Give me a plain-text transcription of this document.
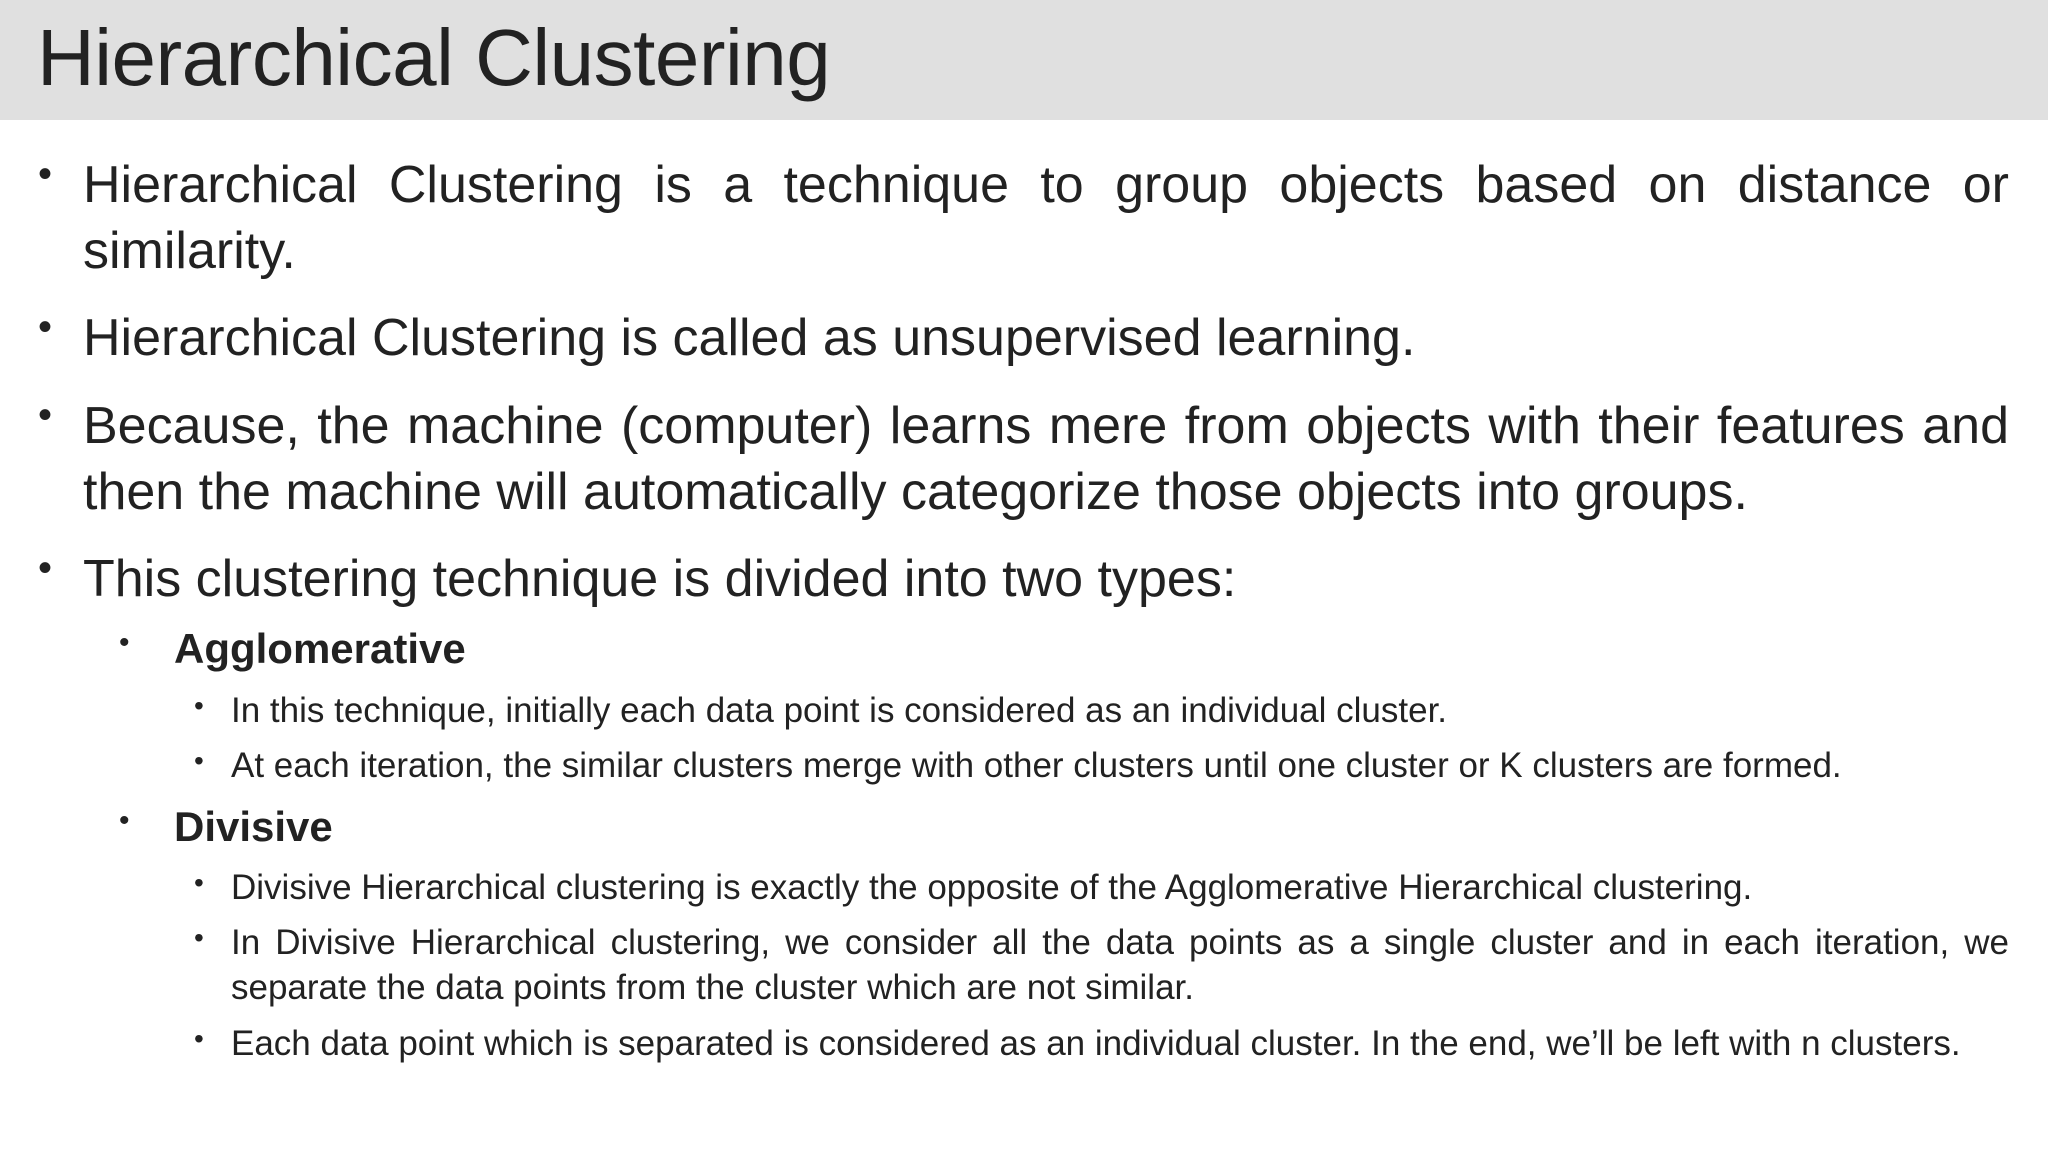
Hierarchical Clustering
• Hierarchical Clustering is a technique to group objects based on distance or similarity.
• Hierarchical Clustering is called as unsupervised learning.
• Because, the machine (computer) learns mere from objects with their features and then the machine will automatically categorize those objects into groups.
• This clustering technique is divided into two types:
• Agglomerative
• In this technique, initially each data point is considered as an individual cluster.
• At each iteration, the similar clusters merge with other clusters until one cluster or K clusters are formed.
• Divisive
• Divisive Hierarchical clustering is exactly the opposite of the Agglomerative Hierarchical clustering.
• In Divisive Hierarchical clustering, we consider all the data points as a single cluster and in each iteration, we separate the data points from the cluster which are not similar.
• Each data point which is separated is considered as an individual cluster. In the end, we’ll be left with n clusters.
